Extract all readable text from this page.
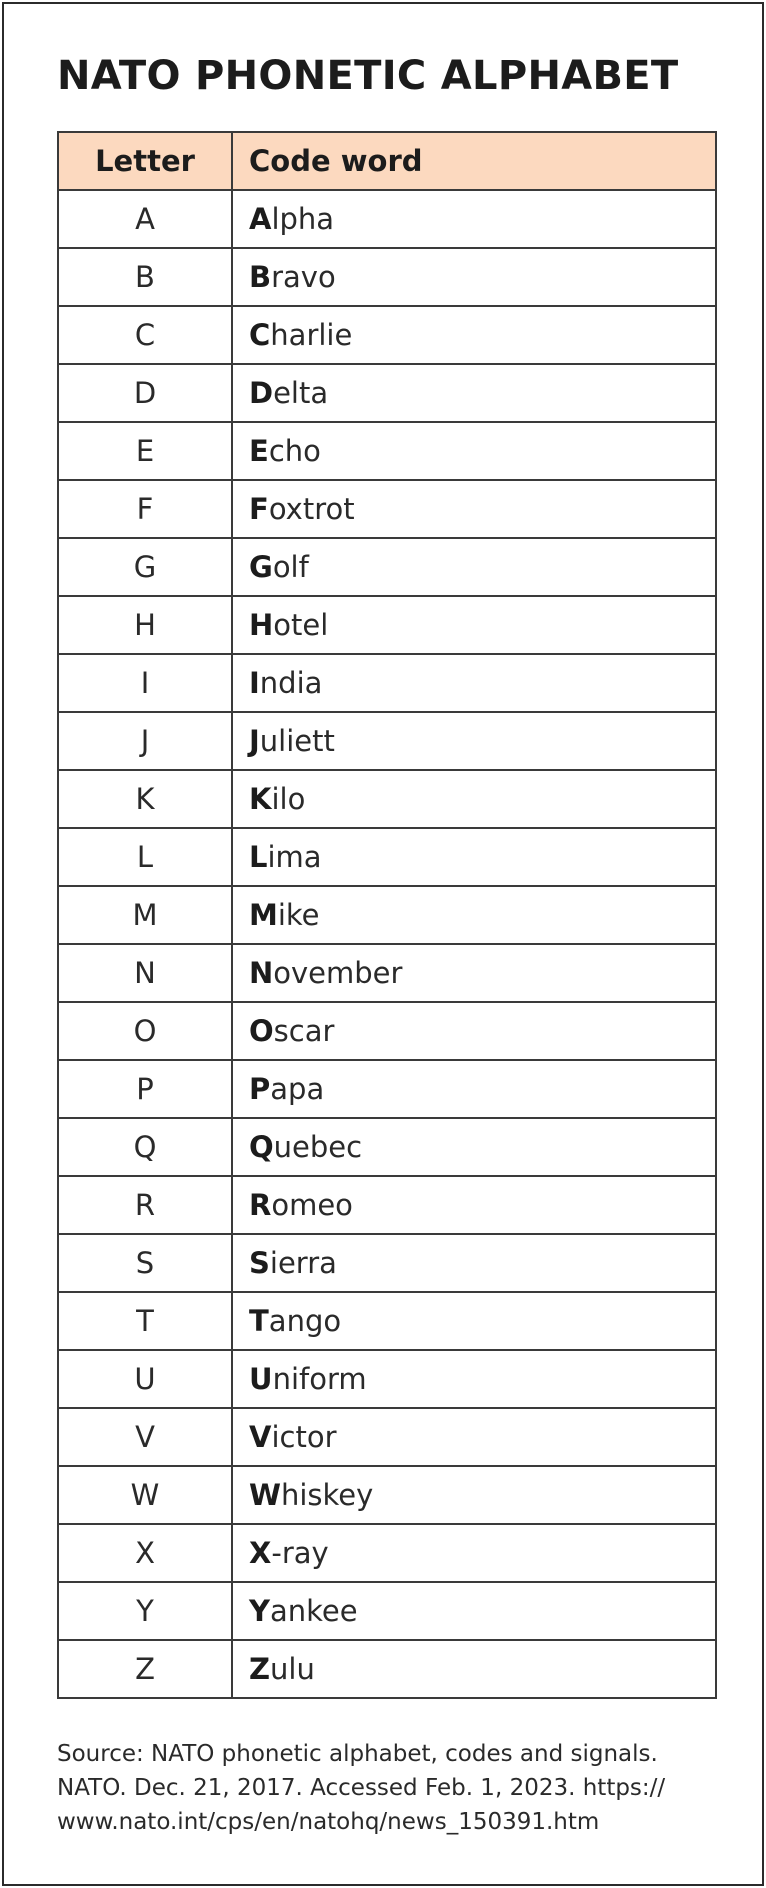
NATO PHONETIC ALPHABET
Letter	Code word
A	Alpha
B	Bravo
C	Charlie
D	Delta
E	Echo
F	Foxtrot
G	Golf
H	Hotel
I	India
J	Juliett
K	Kilo
L	Lima
M	Mike
N	November
O	Oscar
P	Papa
Q	Quebec
R	Romeo
S	Sierra
T	Tango
U	Uniform
V	Victor
W	Whiskey
X	X-ray
Y	Yankee
Z	Zulu
Source: NATO phonetic alphabet, codes and signals.
NATO. Dec. 21, 2017. Accessed Feb. 1, 2023. https://
www.nato.int/cps/en/natohq/news_150391.htm
